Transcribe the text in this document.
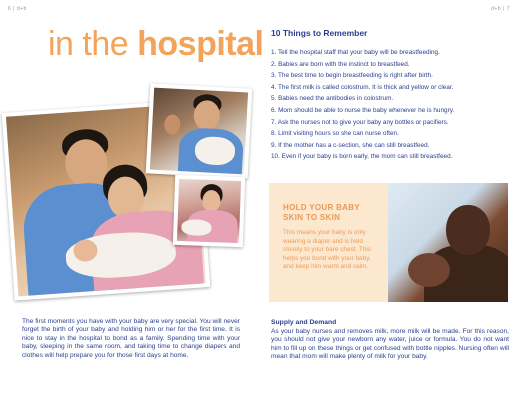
6 | d+b
in the hospital

The first moments you have with your baby are very special. You will never forget the birth of your baby and holding him or her for the first time. It is nice to stay in the hospital to bond as a family. Spending time with your baby, sleeping in the same room, and taking time to change diapers and clothes will help prepare you for those first days at home.

d+b | 7
10 Things to Remember
1. Tell the hospital staff that your baby will be breastfeeding.
2. Babies are born with the instinct to breastfeed.
3. The best time to begin breastfeeding is right after birth.
4. The first milk is called colostrum. It is thick and yellow or clear.
5. Babies need the antibodies in colostrum.
6. Mom should be able to nurse the baby whenever he is hungry.
7. Ask the nurses not to give your baby any bottles or pacifiers.
8. Limit visiting hours so she can nurse often.
9. If the mother has a c-section, she can still breastfeed.
10. Even if your baby is born early, the mom can still breastfeed.
HOLD YOUR BABY SKIN TO SKIN
This means your baby is only wearing a diaper and is held closely to your bare chest. This helps you bond with your baby, and keep him warm and calm.
Supply and Demand

As your baby nurses and removes milk, more milk will be made. For this reason, you should not give your newborn any water, juice or formula. You do not want him to fill up on these things or get confused with bottle nipples. Nursing often will mean that mom will make plenty of milk for your baby.
